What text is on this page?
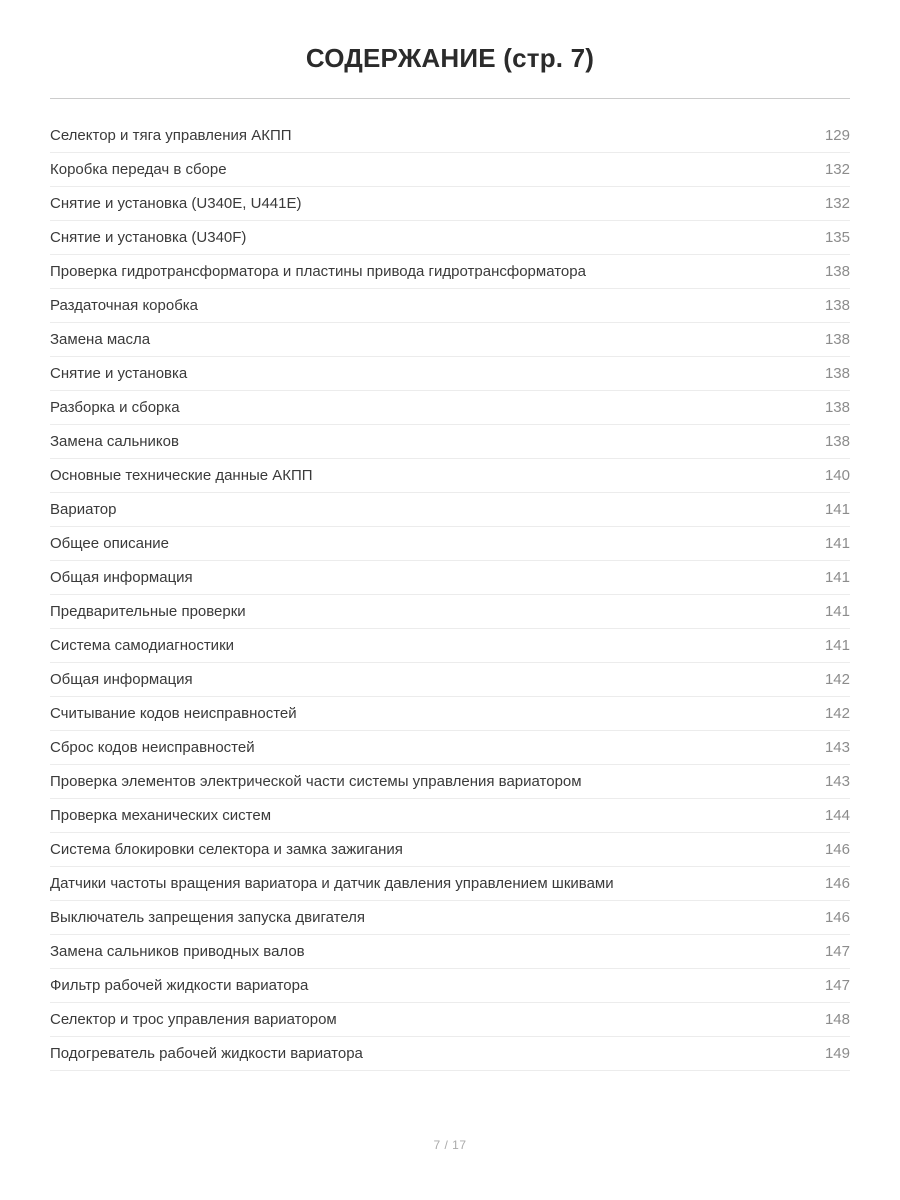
СОДЕРЖАНИЕ (стр. 7)
Селектор и тяга управления АКПП	129
Коробка передач в сборе	132
Снятие и установка (U340E, U441E)	132
Снятие и установка (U340F)	135
Проверка гидротрансформатора и пластины привода гидротрансформатора	138
Раздаточная коробка	138
Замена масла	138
Снятие и установка	138
Разборка и сборка	138
Замена сальников	138
Основные технические данные АКПП	140
Вариатор	141
Общее описание	141
Общая информация	141
Предварительные проверки	141
Система самодиагностики	141
Общая информация	142
Считывание кодов неисправностей	142
Сброс кодов неисправностей	143
Проверка элементов электрической части системы управления вариатором	143
Проверка механических систем	144
Система блокировки селектора и замка зажигания	146
Датчики частоты вращения вариатора и датчик давления управлением шкивами	146
Выключатель запрещения запуска двигателя	146
Замена сальников приводных валов	147
Фильтр рабочей жидкости вариатора	147
Селектор и трос управления вариатором	148
Подогреватель рабочей жидкости вариатора	149
7 / 17
